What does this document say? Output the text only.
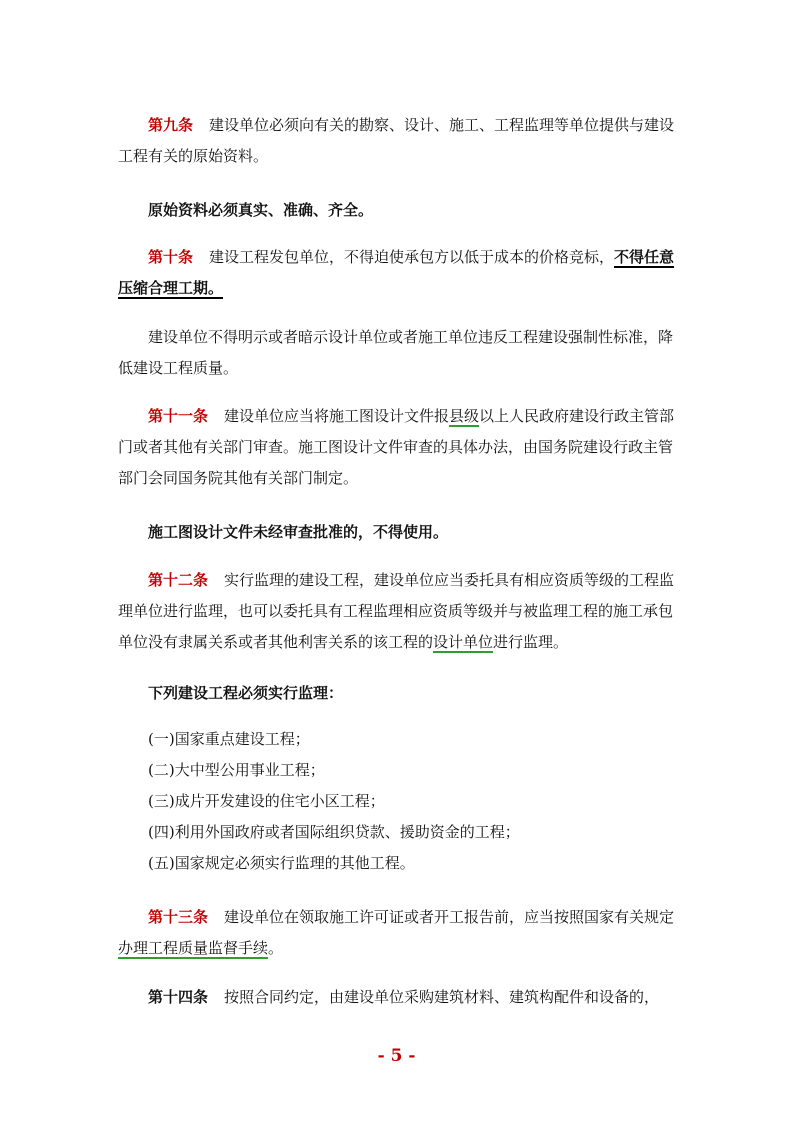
第九条 建设单位必须向有关的勘察、设计、施工、工程监理等单位提供与建设工程有关的原始资料。

原始资料必须真实、准确、齐全。

第十条 建设工程发包单位，不得迫使承包方以低于成本的价格竞标，不得任意压缩合理工期。

建设单位不得明示或者暗示设计单位或者施工单位违反工程建设强制性标准，降低建设工程质量。

第十一条 建设单位应当将施工图设计文件报县级以上人民政府建设行政主管部门或者其他有关部门审查。施工图设计文件审查的具体办法，由国务院建设行政主管部门会同国务院其他有关部门制定。

施工图设计文件未经审查批准的，不得使用。

第十二条 实行监理的建设工程，建设单位应当委托具有相应资质等级的工程监理单位进行监理，也可以委托具有工程监理相应资质等级并与被监理工程的施工承包单位没有隶属关系或者其他利害关系的该工程的设计单位进行监理。

下列建设工程必须实行监理：

(一)国家重点建设工程；
(二)大中型公用事业工程；
(三)成片开发建设的住宅小区工程；
(四)利用外国政府或者国际组织贷款、援助资金的工程；
(五)国家规定必须实行监理的其他工程。

第十三条 建设单位在领取施工许可证或者开工报告前，应当按照国家有关规定办理工程质量监督手续。

第十四条 按照合同约定，由建设单位采购建筑材料、建筑构配件和设备的，

- 5 -
